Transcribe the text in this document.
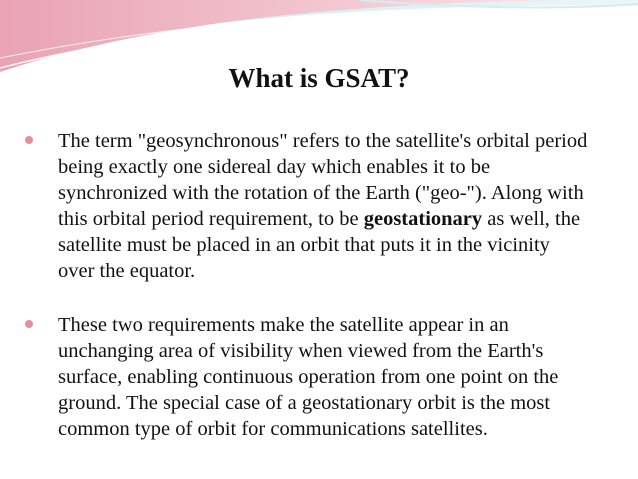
What is GSAT?
The term "geosynchronous" refers to the satellite's orbital period being exactly one sidereal day which enables it to be synchronized with the rotation of the Earth ("geo-"). Along with this orbital period requirement, to be geostationary as well, the satellite must be placed in an orbit that puts it in the vicinity over the equator.
These two requirements make the satellite appear in an unchanging area of visibility when viewed from the Earth's surface, enabling continuous operation from one point on the ground. The special case of a geostationary orbit is the most common type of orbit for communications satellites.
